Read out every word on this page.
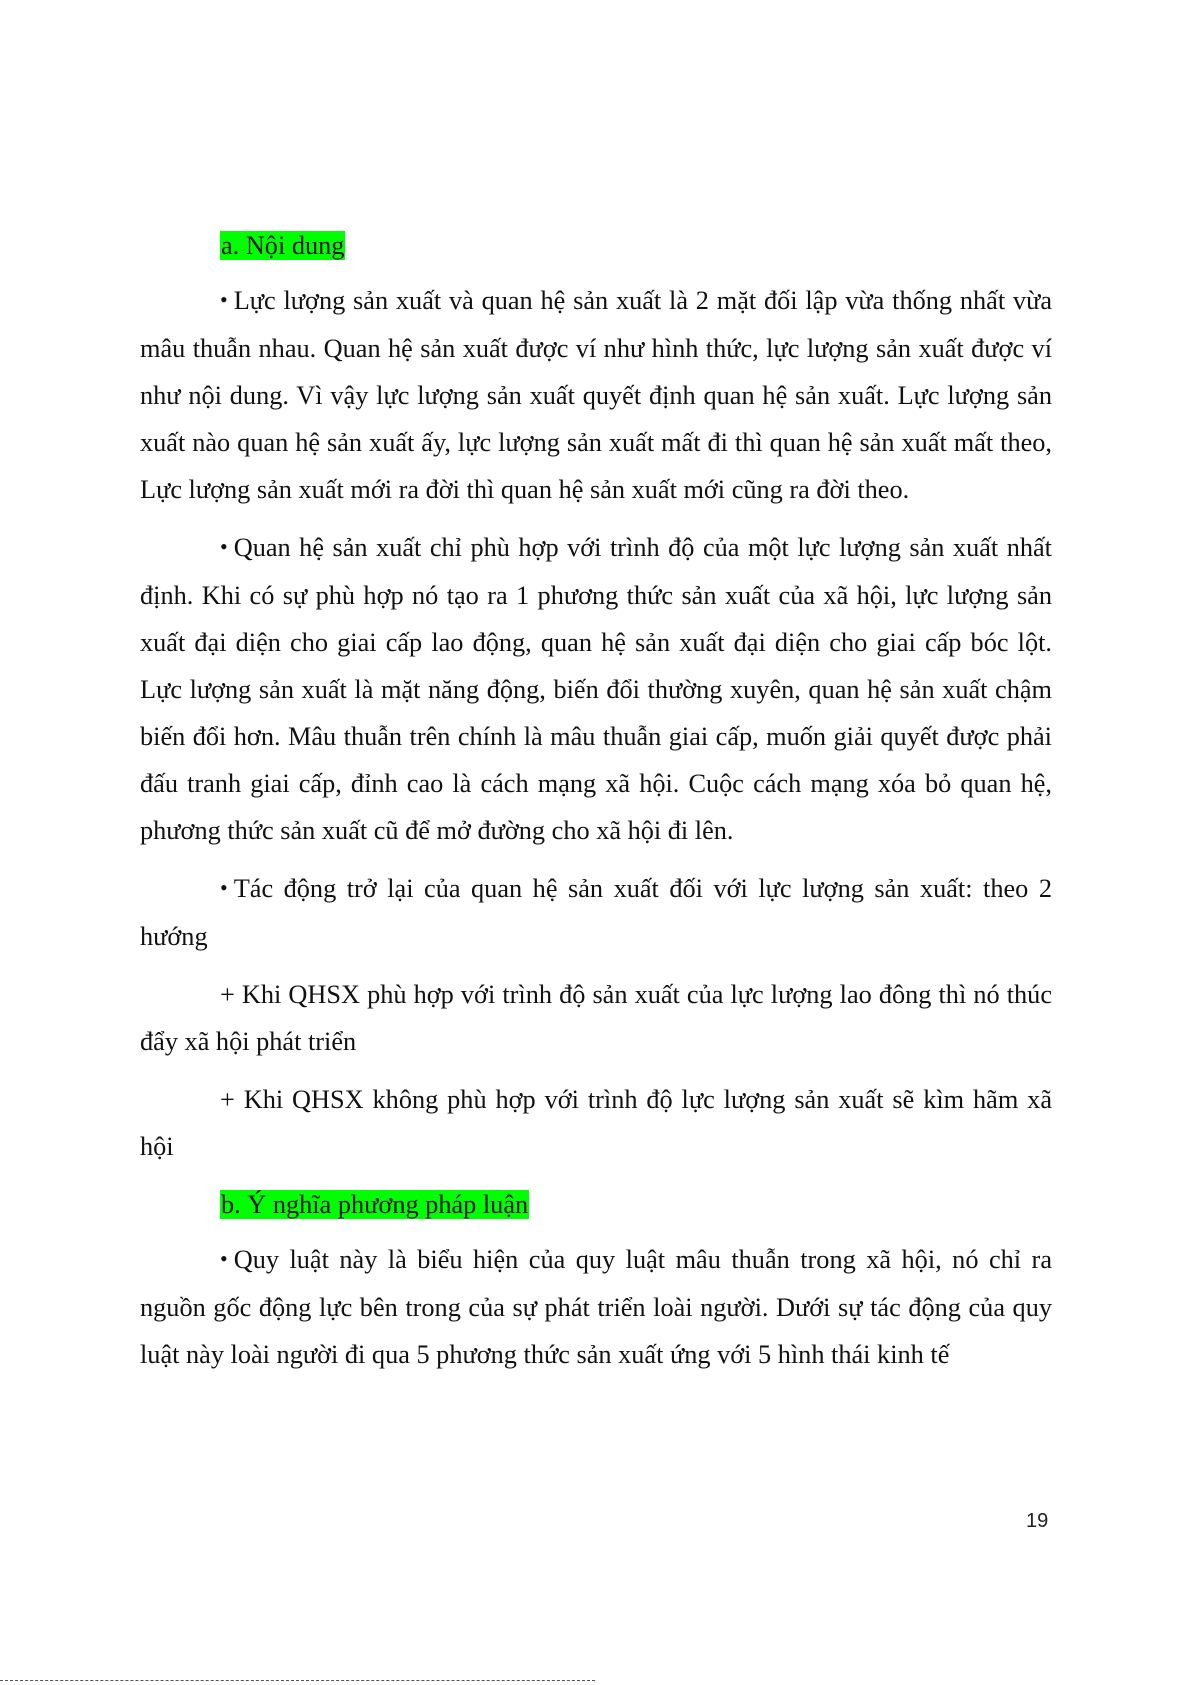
a. Nội dung

• Lực lượng sản xuất và quan hệ sản xuất là 2 mặt đối lập vừa thống nhất vừa mâu thuẫn nhau. Quan hệ sản xuất được ví như hình thức, lực lượng sản xuất được ví như nội dung. Vì vậy lực lượng sản xuất quyết định quan hệ sản xuất. Lực lượng sản xuất nào quan hệ sản xuất ấy, lực lượng sản xuất mất đi thì quan hệ sản xuất mất theo, Lực lượng sản xuất mới ra đời thì quan hệ sản xuất mới cũng ra đời theo.

• Quan hệ sản xuất chỉ phù hợp với trình độ của một lực lượng sản xuất nhất định. Khi có sự phù hợp nó tạo ra 1 phương thức sản xuất của xã hội, lực lượng sản xuất đại diện cho giai cấp lao động, quan hệ sản xuất đại diện cho giai cấp bóc lột. Lực lượng sản xuất là mặt năng động, biến đổi thường xuyên, quan hệ sản xuất chậm biến đổi hơn. Mâu thuẫn trên chính là mâu thuẫn giai cấp, muốn giải quyết được phải đấu tranh giai cấp, đỉnh cao là cách mạng xã hội. Cuộc cách mạng xóa bỏ quan hệ, phương thức sản xuất cũ để mở đường cho xã hội đi lên.

• Tác động trở lại của quan hệ sản xuất đối với lực lượng sản xuất: theo 2 hướng

+ Khi QHSX phù hợp với trình độ sản xuất của lực lượng lao đông thì nó thúc đẩy xã hội phát triển

+ Khi QHSX không phù hợp với trình độ lực lượng sản xuất sẽ kìm hãm xã hội

b. Ý nghĩa phương pháp luận

• Quy luật này là biểu hiện của quy luật mâu thuẫn trong xã hội, nó chỉ ra nguồn gốc động lực bên trong của sự phát triển loài người. Dưới sự tác động của quy luật này loài người đi qua 5 phương thức sản xuất ứng với 5 hình thái kinh tế

19
